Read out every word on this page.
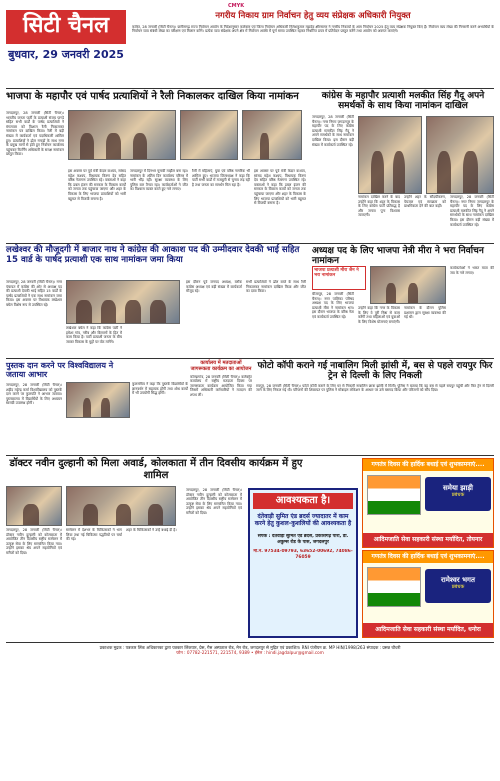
CMYK
सिटी चैनल
बुधवार, 29 जनवरी 2025
नगरीय निकाय ग्राम निर्वाचन हेतु व्यय संप्रेक्षक अधिकारी नियुक्त
कांकेर, 28 जनवरी (सिटी चैनल)। छत्तीसगढ़ राज्य निर्वाचन आयोग के निर्देशानुसार कलेक्टर एवं जिला निर्वाचन अधिकारी निलेशकुमार महादेव क्षीरसागर ने नगरीय निकायों के आम निर्वाचन 2025 हेतु व्यय संप्रेक्षक नियुक्त किए हैं। निर्वाचन व्यय लेखा की निगरानी करने अभ्यर्थियों के निर्वाचन व्यय संबंधी लेखा का परीक्षण एवं मिलान करेंगे। प्रत्येक व्यय संप्रेक्षक अपने क्षेत्र में निर्वाचन अवधि में पूर्ण समय उपस्थित रहकर निर्धारित प्रपत्र में प्रतिवेदन प्रस्तुत करेंगे तथा आयोग को अवगत कराएंगे।
भाजपा के महापौर एवं पार्षद प्रत्याशियों ने रैली निकालकर दाखिल किया नामांकन
जगदलपुर, 28 जनवरी (सिटी चैनल)। भारतीय जनता पार्टी के प्रत्याशी संजय पाण्डे सहित सभी वार्डों के पार्षद प्रत्याशियों ने मंगलवार को विशाल रैली निकालकर नामांकन पत्र दाखिल किया। रैली में बड़ी संख्या में कार्यकर्ता एवं पदाधिकारी शामिल हुए। प्रत्याशियों ने ढोल नगाड़ों के साथ नगर के प्रमुख मार्गों से होते हुए निर्वाचन कार्यालय पहुंचकर रिटर्निंग अधिकारी के समक्ष नामांकन प्रस्तुत किया।
इस अवसर पर पूर्व मंत्री केदार कश्यप, सांसद महेश कश्यप, विधायक किरण देव सहित वरिष्ठ नेतागण उपस्थित रहे। वक्ताओं ने कहा कि डबल इंजन की सरकार के विकास कार्यों को जनता तक पहुंचाया जाएगा और शहर के विकास के लिए भाजपा प्रत्याशियों को भारी बहुमत से विजयी बनाना है।
जगदलपुर में दिनभर चुनावी माहौल बना रहा। नामांकन के अंतिम दिन कार्यालय परिसर में भारी भीड़ रही। सुरक्षा व्यवस्था के लिए पुलिस बल तैनात रहा। कार्यकर्ताओं ने जीत का विश्वास व्यक्त करते हुए नारे लगाए।
रैली में महिलाएं, युवा एवं वरिष्ठ नागरिक भी शामिल हुए। भाजपा जिलाध्यक्ष ने कहा कि पार्टी सभी वार्डों में मजबूती से चुनाव लड़ रही है तथा जनता का समर्थन मिल रहा है।
इस अवसर पर पूर्व मंत्री केदार कश्यप, सांसद महेश कश्यप, विधायक किरण देव सहित वरिष्ठ नेतागण उपस्थित रहे। वक्ताओं ने कहा कि डबल इंजन की सरकार के विकास कार्यों को जनता तक पहुंचाया जाएगा और शहर के विकास के लिए भाजपा प्रत्याशियों को भारी बहुमत से विजयी बनाना है।
कांग्रेस के महापौर प्रत्याशी मलकीत सिंह गैदू अपने समर्थकों के साथ किया नामांकन दाखिल
जगदलपुर, 28 जनवरी (सिटी चैनल)। नगर निगम जगदलपुर के महापौर पद के लिए कांग्रेस प्रत्याशी मलकीत सिंह गैदू ने अपने समर्थकों के साथ नामांकन दाखिल किया। इस दौरान बड़ी संख्या में कार्यकर्ता उपस्थित रहे।
नामांकन दाखिल करने के बाद उन्होंने कहा कि शहर के विकास के लिए कांग्रेस पार्टी प्रतिबद्ध है और जनता पुनः विश्वास जताएगी।
उन्होंने शहर के सौंदर्यीकरण, पेयजल एवं स्वच्छता को प्राथमिकता देने की बात कही।
जगदलपुर, 28 जनवरी (सिटी चैनल)। नगर निगम जगदलपुर के महापौर पद के लिए कांग्रेस प्रत्याशी मलकीत सिंह गैदू ने अपने समर्थकों के साथ नामांकन दाखिल किया। इस दौरान बड़ी संख्या में कार्यकर्ता उपस्थित रहे।
लखेश्वर की मौजूदगी में बाजार नाथ ने कांग्रेस की आकाश पद की उम्मीदवार देवकी भाई सहित 15 वार्ड के पार्षद प्रत्याशी एक साथ नामांकन जमा किया
जगदलपुर, 28 जनवरी (सिटी चैनल)। नगर पंचायत में कांग्रेस की ओर से अध्यक्ष पद की प्रत्याशी देवकी भाई सहित 15 वार्डों के पार्षद प्रत्याशियों ने एक साथ नामांकन जमा किया। इस अवसर पर विधायक लखेश्वर बघेल विशेष रूप से उपस्थित रहे।
लखेश्वर बघेल ने कहा कि कांग्रेस पार्टी ने हमेशा गांव, गरीब और किसानों के हित में काम किया है। पार्टी प्रत्याशी जनता के बीच जाकर विकास के मुद्दों पर वोट मांगेंगे।
इस दौरान पूर्व जनपद अध्यक्ष, ब्लॉक कांग्रेस अध्यक्ष एवं बड़ी संख्या में कार्यकर्ता मौजूद रहे।
सभी प्रत्याशियों ने ढोल बाजे के साथ रैली निकालकर नामांकन दाखिल किया और जीत का दावा किया।
अध्यक्ष पद के लिए भाजपा नेत्री मीरा ने भरा निर्वाचन नामांकन
भाजपा प्रत्याशी मीरा जैन ने भरा नामांकन
बीजापुर, 28 जनवरी (सिटी चैनल)। नगर पालिका परिषद अध्यक्ष पद के लिए भाजपा प्रत्याशी मीरा ने नामांकन भरा। इस दौरान भाजपा के वरिष्ठ नेता एवं कार्यकर्ता उपस्थित रहे।
उन्होंने कहा कि नगर के विकास के लिए वे पूरी निष्ठा से काम करेंगी तथा महिलाओं एवं युवाओं के लिए विशेष योजनाएं बनाएंगी।
नामांकन के दौरान पुलिस प्रशासन द्वारा सुरक्षा व्यवस्था की गई थी।
कार्यकर्ताओं ने भारत माता की जय के नारे लगाए।
पुस्तक दान करने पर विश्वविद्यालय ने जताया आभार
जगदलपुर, 28 जनवरी (सिटी चैनल)। शहीद महेन्द्र कर्मा विश्वविद्यालय को पुस्तकें दान करने पर कुलपति ने आभार जताया। पुस्तकालय में विद्यार्थियों के लिए अध्ययन सामग्री उपलब्ध होगी।
कुलसचिव ने कहा कि पुस्तकें विद्यार्थियों के ज्ञानवर्धन में सहायक होंगी तथा शोध कार्यों में भी उपयोगी सिद्ध होंगी।
कार्यालय में मतदाताओं जागरूकता कार्यक्रम का आयोजन
कोण्डागांव, 28 जनवरी (सिटी चैनल)। कलेक्ट्रेट कार्यालय में राष्ट्रीय मतदाता दिवस पर जागरूकता कार्यक्रम आयोजित किया गया जिसमें अधिकारी कर्मचारियों ने मतदान की शपथ ली।
फोटो कॉपी कराने गई नाबालिग मिली झांसी में, बस से पहले रायपुर फिर ट्रेन से दिल्ली के लिए निकली
रायपुर, 28 जनवरी (सिटी चैनल)। फोटो कॉपी कराने के लिए घर से निकली नाबालिग छात्रा झांसी में मिली। पुलिस ने बताया कि वह बस से पहले रायपुर पहुंची और फिर ट्रेन से दिल्ली जाने के लिए निकल गई थी। परिजनों की शिकायत पर पुलिस ने मोबाइल लोकेशन के आधार पर उसे बरामद किया और परिजनों को सौंप दिया।
डॉक्टर नवीन दुल्हानी को मिला अवार्ड, कोलकाता में तीन दिवसीय कार्यक्रम में हुए शामिल
जगदलपुर, 28 जनवरी (सिटी चैनल)। डॉक्टर नवीन दुल्हानी को कोलकाता में आयोजित तीन दिवसीय राष्ट्रीय सम्मेलन में उत्कृष्ट सेवा के लिए सम्मानित किया गया। उन्होंने इसका श्रेय अपने सहयोगियों एवं मरीजों को दिया।
सम्मेलन में देशभर के चिकित्सकों ने भाग लिया तथा नई चिकित्सा पद्धतियों पर चर्चा की गई।
शहर के चिकित्सकों ने उन्हें बधाई दी है।
जगदलपुर, 28 जनवरी (सिटी चैनल)। डॉक्टर नवीन दुल्हानी को कोलकाता में आयोजित तीन दिवसीय राष्ट्रीय सम्मेलन में उत्कृष्ट सेवा के लिए सम्मानित किया गया। उन्होंने इसका श्रेय अपने सहयोगियों एवं मरीजों को दिया।
आवश्यकता है।
दंतेवाड़ी सुमित एंड ब्रदर्स ज्यादातर में काम करने हेतु कुशल-कुशलियों की आवश्यकता है
संपर्क : दंतेवाड़ी सुमित एंड ब्रदर्स, प्रकाशगढ़ पारा, डी. अकुम्स रोड के पास, जगदलपुर
मो.नं. 97534-09793, 63652-00692, 74086-76059
गणतंत्र दिवस की हार्दिक बधाई एवं शुभकामनाएं....
समेया झाड़ी
प्रबंधक
आदिमजाति सेवा सहकारी संस्था मर्यादित, तोयनार
गणतंत्र दिवस की हार्दिक बधाई एवं शुभकामनाएं....
रामेश्वर भगत
प्रबंधक
आदिमजाति सेवा सहकारी संस्था मर्यादित, धनोरा
प्रकाशक मुद्रक : पत्रकार लिंक अधिकारका द्वारा पत्रकार लिंकपार, प्रेस, गैस अस्पताल रोड, मेन रोड, जगदलपुर से मुद्रित एवं प्रकाशित। RNI पंजीयन क्र. MP HIN/1998/263 संपादक : प्रसन्न चौधरी
फोन : 07782-221571, 221574, 9389 • ईमेल : hindi.jagdalpur@gmail.com
